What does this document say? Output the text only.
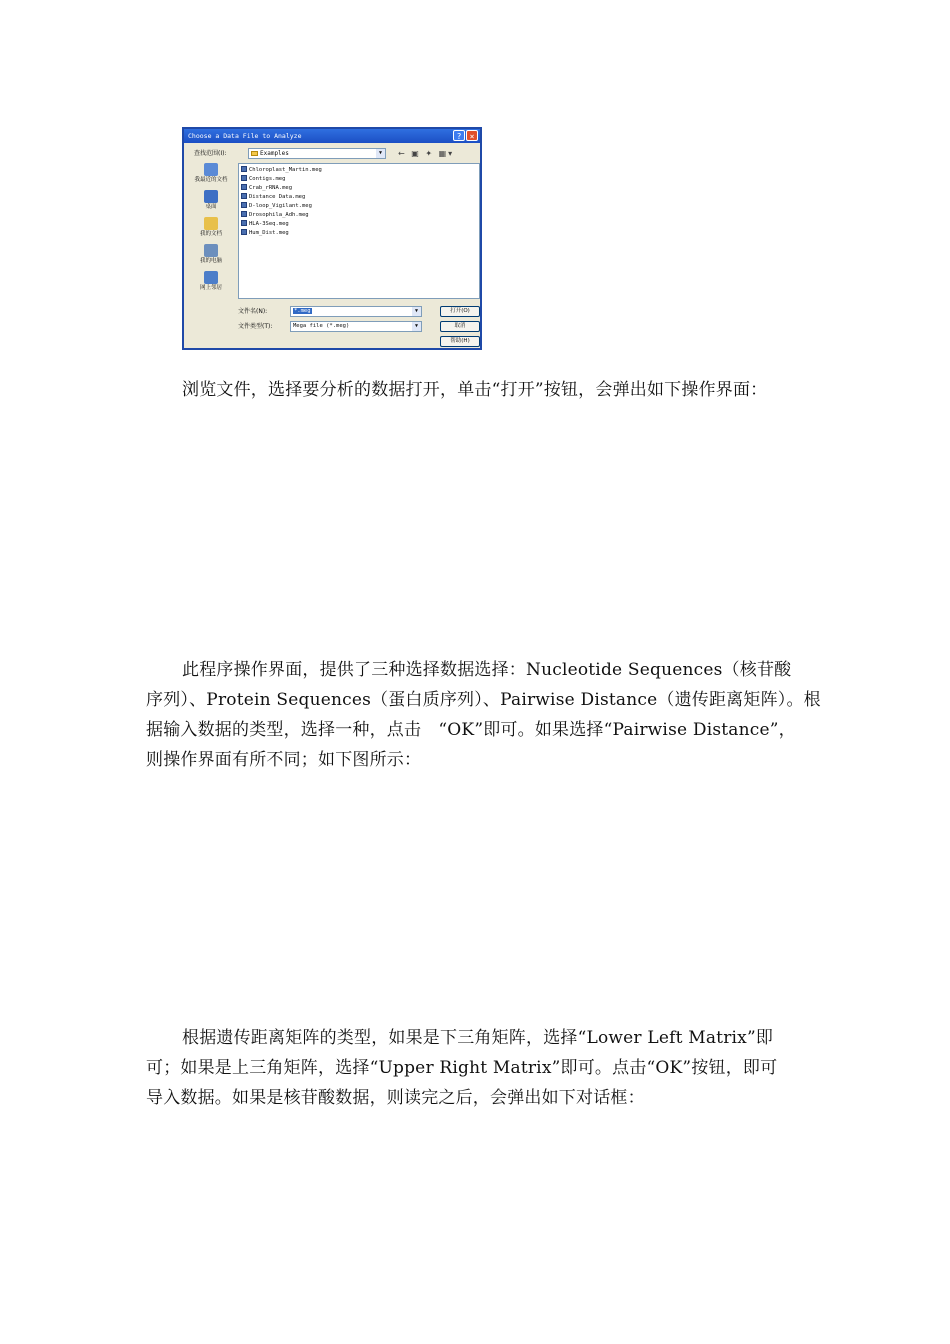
Choose a Data File to Analyze	?	×
查找范围(I):	Examples	▼	← ▣ ✦ ▦▾
我最近的文档
桌面
我的文档
我的电脑
网上邻居
Chloroplast_Martin.meg
Contigs.meg
Crab_rRNA.meg
Distance Data.meg
D-loop_Vigilant.meg
Drosophila_Adh.meg
HLA-3Seq.meg
Hum_Dist.meg
文件名(N):	*.meg	▼
文件类型(T):	Mega file (*.meg)	▼
打开(O)
取消
帮助(H)
浏览文件，选择要分析的数据打开，单击“打开”按钮，会弹出如下操作界面：
此程序操作界面，提供了三种选择数据选择：Nucleotide Sequences（核苷酸
序列）、Protein Sequences（蛋白质序列）、Pairwise Distance（遗传距离矩阵）。根
据输入数据的类型，选择一种，点击　“OK”即可。如果选择“Pairwise Distance”，
则操作界面有所不同；如下图所示：
根据遗传距离矩阵的类型，如果是下三角矩阵，选择“Lower Left Matrix”即
可；如果是上三角矩阵，选择“Upper Right Matrix”即可。点击“OK”按钮，即可
导入数据。如果是核苷酸数据，则读完之后，会弹出如下对话框：
